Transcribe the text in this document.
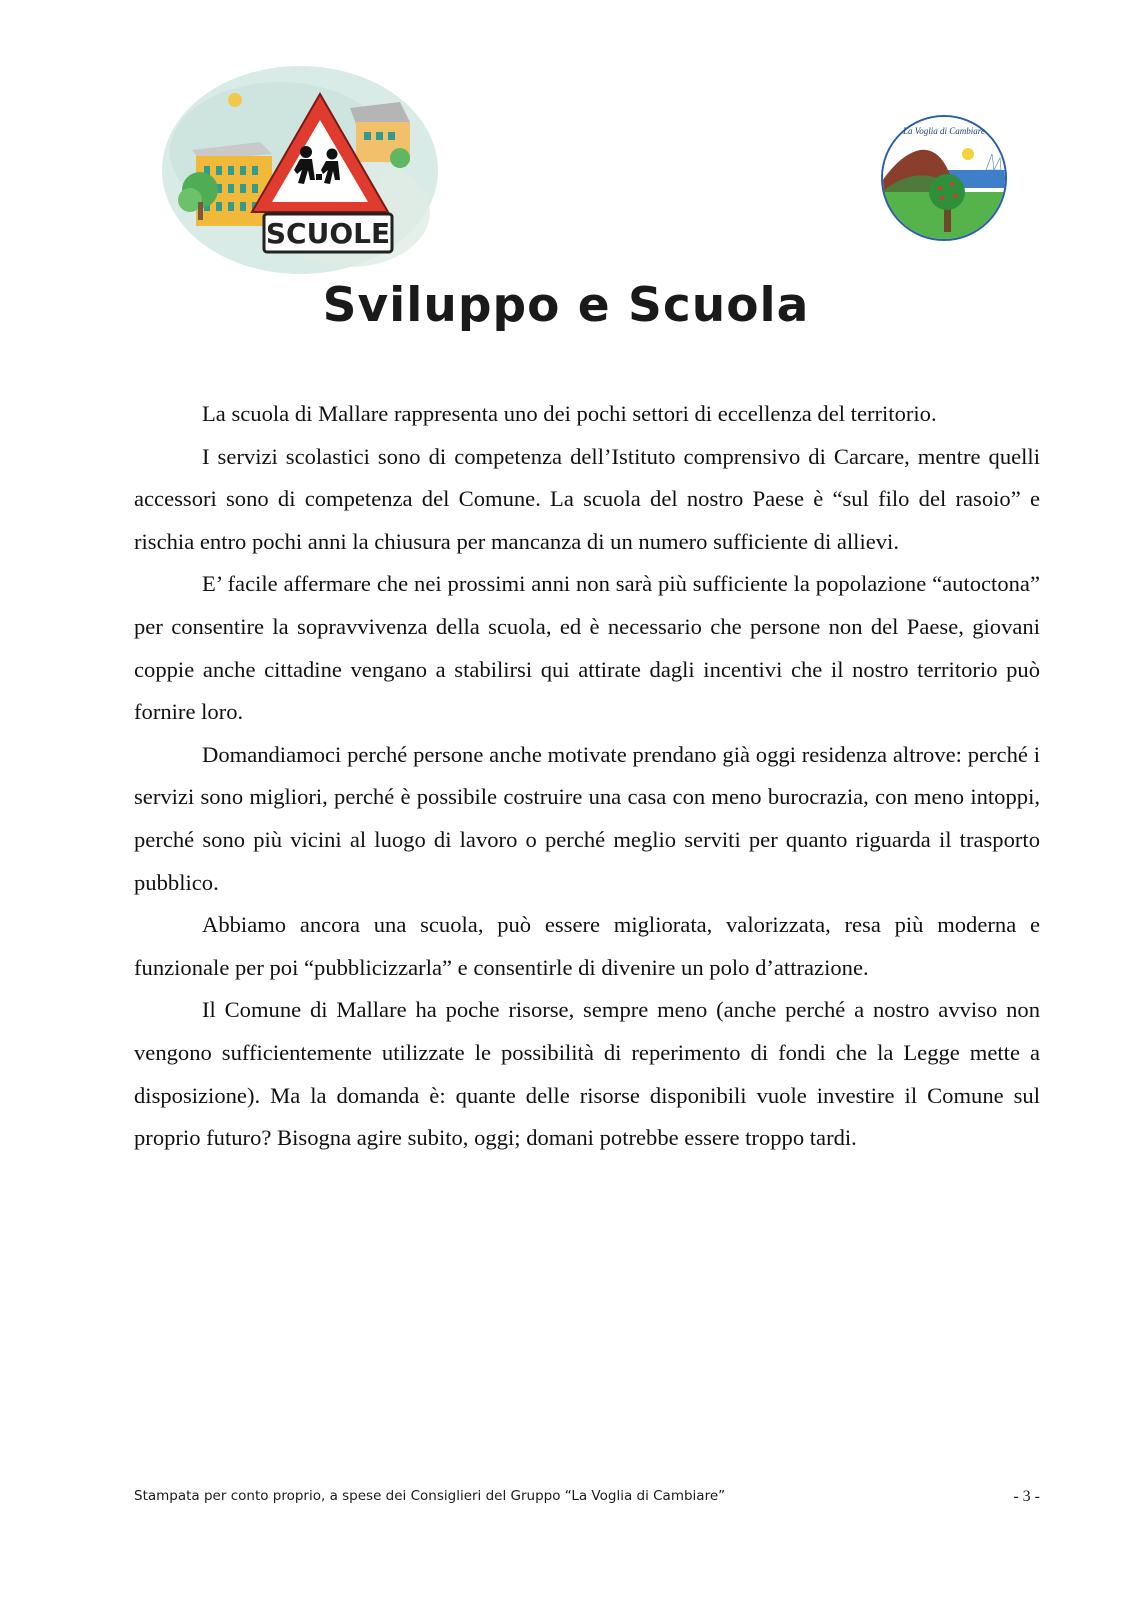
SCUOLE
La Voglia di Cambiare
Sviluppo e Scuola

La scuola di Mallare rappresenta uno dei pochi settori di eccellenza del territorio.

I servizi scolastici sono di competenza dell’Istituto comprensivo di Carcare, mentre quelli accessori sono di competenza del Comune. La scuola del nostro Paese è “sul filo del rasoio” e rischia entro pochi anni la chiusura per mancanza di un numero sufficiente di allievi.

E’ facile affermare che nei prossimi anni non sarà più sufficiente la popolazione “autoctona” per consentire la sopravvivenza della scuola, ed è necessario che persone non del Paese, giovani coppie anche cittadine vengano a stabilirsi qui attirate dagli incentivi che il nostro territorio può fornire loro.

Domandiamoci perché persone anche motivate prendano già oggi residenza altrove: perché i servizi sono migliori, perché è possibile costruire una casa con meno burocrazia, con meno intoppi, perché sono più vicini al luogo di lavoro o perché meglio serviti per quanto riguarda il trasporto pubblico.

Abbiamo ancora una scuola, può essere migliorata, valorizzata, resa più moderna e funzionale per poi “pubblicizzarla” e consentirle di divenire un polo d’attrazione.

Il Comune di Mallare ha poche risorse, sempre meno (anche perché a nostro avviso non vengono sufficientemente utilizzate le possibilità di reperimento di fondi che la Legge mette a disposizione). Ma la domanda è: quante delle risorse disponibili vuole investire il Comune sul proprio futuro? Bisogna agire subito, oggi; domani potrebbe essere troppo tardi.

Stampata per conto proprio, a spese dei Consiglieri del Gruppo “La Voglia di Cambiare”	- 3 -
